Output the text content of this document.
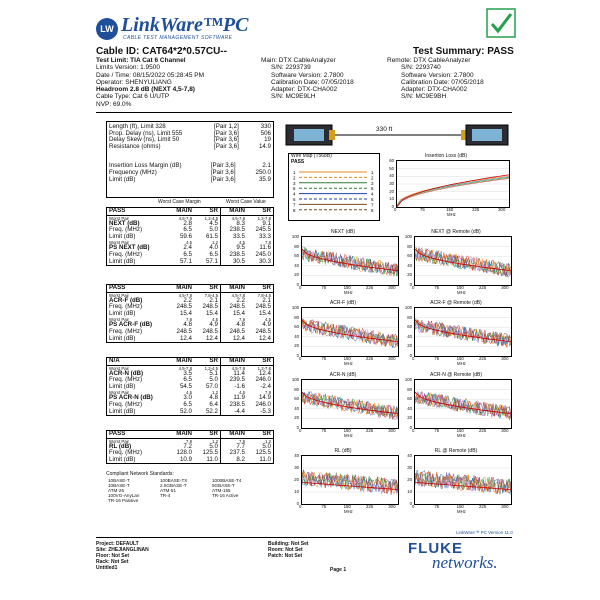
LW LinkWare™PC
CABLE TEST MANAGEMENT SOFTWARE
Cable ID: CAT64*2*0.57CU--	Test Summary: PASS
Test Limit: TIA Cat 6 Channel
Limits Version: 1.9500
Date / Time: 08/15/2022 05:28:45 PM
Operator: SHENYULIANG
Headroom 2.8 dB (NEXT 4,5-7,8)
Cable Type: Cat 6 U/UTP
NVP: 69.0%
Main: DTX CableAnalyzer
S/N: 2293739
Software Version: 2.7800
Calibration Date: 07/05/2018
Adapter: DTX-CHA002
S/N: MC9E9LH
Remote: DTX CableAnalyzer
S/N: 2293740
Software Version: 2.7800
Calibration Date: 07/05/2018
Adapter: DTX-CHA002
S/N: MC9E9BH
Length (ft), Limit 328	[Pair 1,2]	330
Prop. Delay (ns), Limit 555	[Pair 3,6]	506
Delay Skew (ns), Limit 50	[Pair 3,6]	19
Resistance (ohms)	[Pair 3,6]	14.9
Insertion Loss Margin (dB)	[Pair 3,6]	2.1
Frequency (MHz)	[Pair 3,6]	250.0
Limit (dB)	[Pair 3,6]	35.9
Worst Case Margin	Worst Case Value
PASS	MAIN	SR	MAIN	SR
Worst Pair	4,5-7,8	1,2-4,5	4,5-7,8	1,2-7,8
NEXT (dB)	2.8	4.5	8.3	9.1
Freq. (MHz)	6.5	5.0	238.5	245.5
Limit (dB)	59.6	61.5	33.5	33.3
Worst Pair	4,5	1,2	4,5	7,8
PS NEXT (dB)	2.4	4.0	9.5	11.6
Freq. (MHz)	6.5	6.5	238.5	245.0
Limit (dB)	57.1	57.1	30.5	30.3
PASS	MAIN	SR	MAIN	SR
Worst Pair	4,5-7,8	7,8-4,5	4,5-7,8	7,8-4,5
ACR-F (dB)	2.2	2.1	2.2	2.1
Freq. (MHz)	248.5	248.5	248.5	248.5
Limit (dB)	15.4	15.4	15.4	15.4
Worst Pair	7,8	4,5	7,8	4,5
PS ACR-F (dB)	4.8	4.9	4.8	4.9
Freq. (MHz)	248.5	248.5	248.5	248.5
Limit (dB)	12.4	12.4	12.4	12.4
N/A	MAIN	SR	MAIN	SR
Worst Pair	4,5-7,8	1,2-4,5	4,5-7,8	1,2-7,8
ACR-N (dB)	3.5	5.1	11.4	12.4
Freq. (MHz)	6.5	5.0	239.5	246.0
Limit (dB)	54.5	57.0	-1.6	-2.4
Worst Pair	4,5	1,2	4,5	7,8
PS ACR-N (dB)	3.0	4.8	11.9	14.9
Freq. (MHz)	6.5	6.4	238.5	246.0
Limit (dB)	52.0	52.2	-4.4	-5.3
PASS	MAIN	SR	MAIN	SR
Worst Pair	7,8	1,2	7,8	1,2
RL (dB)	7.2	5.0	7.7	5.0
Freq. (MHz)	128.0	125.5	237.5	125.5
Limit (dB)	10.9	11.0	8.2	11.0
Compliant Network Standards:
10BASE-T	100BASE-TX	1000BASE-T4
10BASE-T	2.5GBASE-T	5GBASE-T
ATM-25	ATM-51	ATM-155
100VG-AnyLan	TR-4	TR-16 Active
TR-16 Passive		
330 ft
Wire Map (T568B)
PASS
1	1
2	2
3	3
6	6
4	4
5	5
7	7
8	8
Insertion Loss (dB)
60
50
40
30
20
10
0
0	75	150	225	300
MHz
NEXT (dB)
100
80
60
40
20
0
0	75	150	225	300
MHz
NEXT @ Remote (dB)
100
80
60
40
20
0
0	75	150	225	300
MHz
ACR-F (dB)
100
80
60
40
20
0
0	75	150	225	300
MHz
ACR-F @ Remote (dB)
100
80
60
40
20
0
0	75	150	225	300
MHz
ACR-N (dB)
100
80
60
40
20
0
0	75	150	225	300
MHz
ACR-N @ Remote (dB)
100
80
60
40
20
0
0	75	150	225	300
MHz
RL (dB)
40
30
20
10
0
0	75	150	225	300
MHz
RL @ Remote (dB)
40
30
20
10
0
0	75	150	225	300
MHz
LinkWare™ PC Version 11.0
Project: DEFAULT
Site: ZHEJIANGLINAN
Floor: Not Set
Rack: Not Set
Untitled1
Building: Not Set
Room: Not Set
Patch: Not Set
Page 1
FLUKE
networks.
